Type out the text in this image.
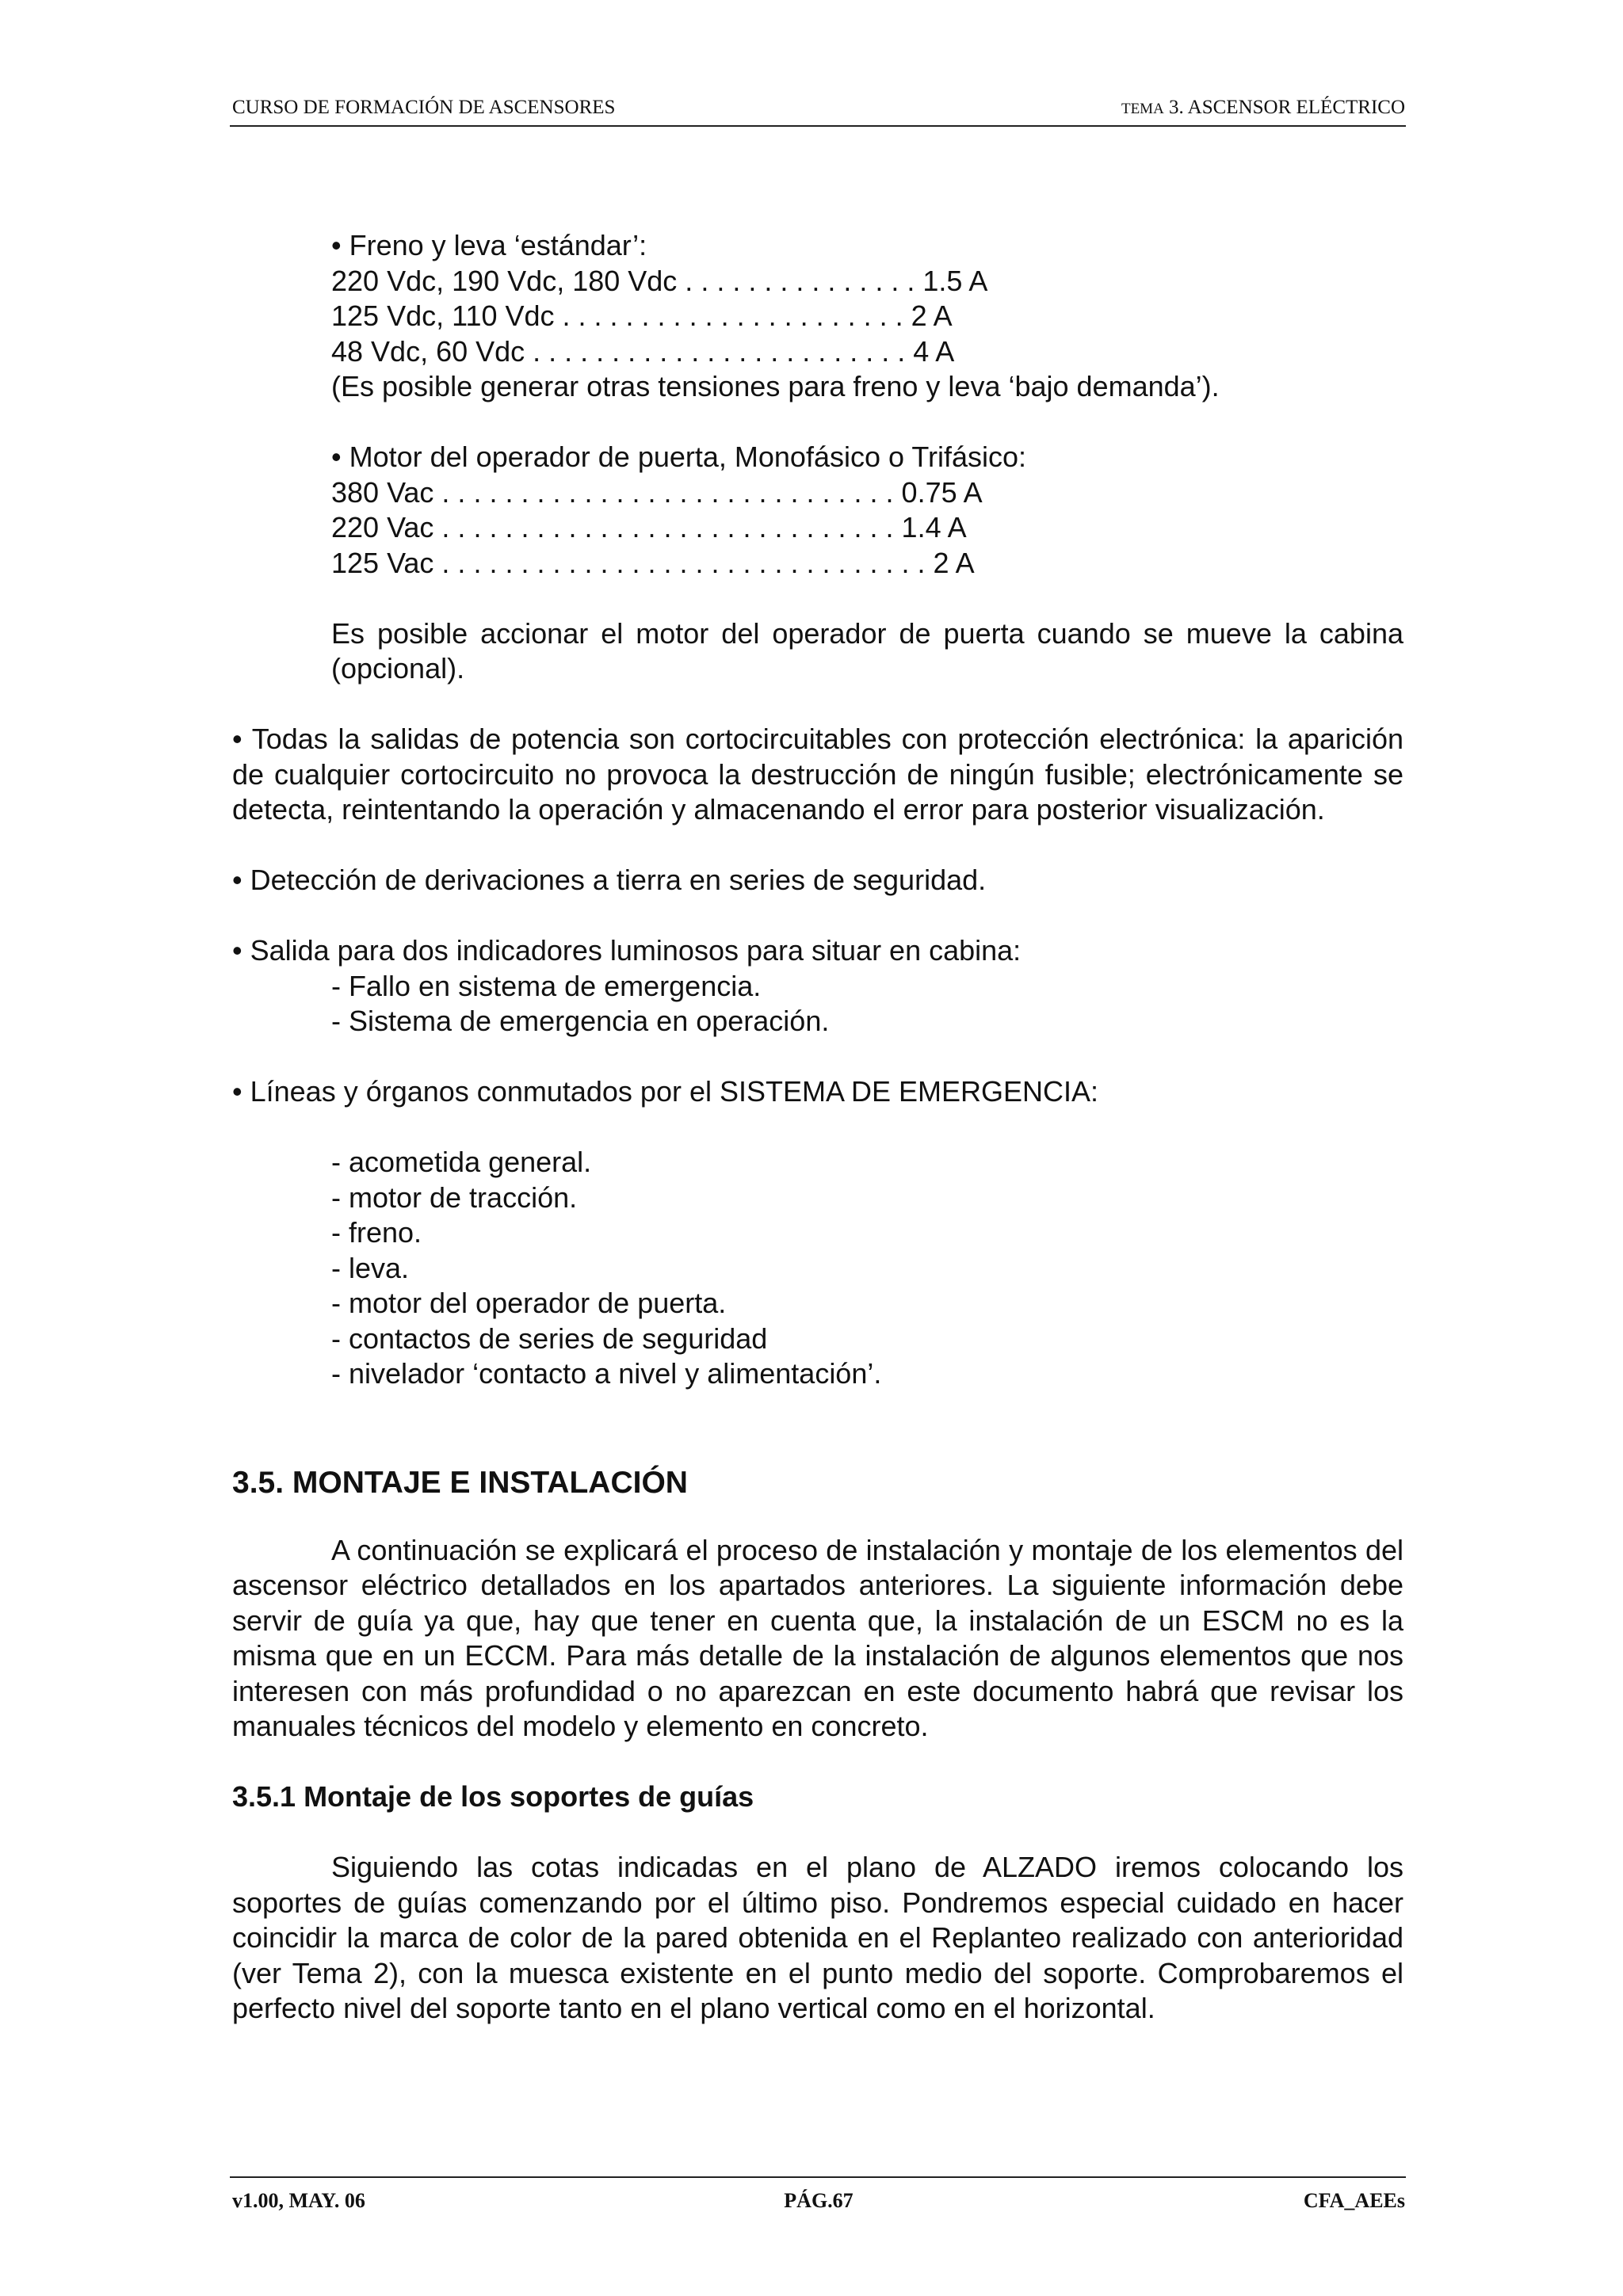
CURSO DE FORMACIÓN DE ASCENSORES	TEMA 3. ASCENSOR ELÉCTRICO

• Freno y leva ‘estándar’:

220 Vdc, 190 Vdc, 180 Vdc . . . . . . . . . . . . . . . 1.5 A

125 Vdc, 110 Vdc . . . . . . . . . . . . . . . . . . . . . . 2 A

48 Vdc, 60 Vdc . . . . . . . . . . . . . . . . . . . . . . . . 4 A

(Es posible generar otras tensiones para freno y leva ‘bajo demanda’).

• Motor del operador de puerta, Monofásico o Trifásico:

380 Vac . . . . . . . . . . . . . . . . . . . . . . . . . . . . . 0.75 A

220 Vac . . . . . . . . . . . . . . . . . . . . . . . . . . . . . 1.4 A

125 Vac . . . . . . . . . . . . . . . . . . . . . . . . . . . . . . . 2 A

Es posible accionar el motor del operador de puerta cuando se mueve la cabina (opcional).

• Todas la salidas de potencia son cortocircuitables con protección electrónica: la aparición de cualquier cortocircuito no provoca la destrucción de ningún fusible; electrónicamente se detecta, reintentando la operación y almacenando el error para posterior visualización.

• Detección de derivaciones a tierra en series de seguridad.

• Salida para dos indicadores luminosos para situar en cabina:

- Fallo en sistema de emergencia.

- Sistema de emergencia en operación.

• Líneas y órganos conmutados por el SISTEMA DE EMERGENCIA:

- acometida general.

- motor de tracción.

- freno.

- leva.

- motor del operador de puerta.

- contactos de series de seguridad

- nivelador ‘contacto a nivel y alimentación’.

3.5. MONTAJE E INSTALACIÓN

A continuación se explicará el proceso de instalación y montaje de los elementos del ascensor eléctrico detallados en los apartados anteriores. La siguiente información debe servir de guía ya que, hay que tener en cuenta que, la instalación de un ESCM no es la misma que en un ECCM. Para más detalle de la instalación de algunos elementos que nos interesen con más profundidad o no aparezcan en este documento habrá que revisar los manuales técnicos del modelo y elemento en concreto.

3.5.1 Montaje de los soportes de guías

Siguiendo las cotas indicadas en el plano de ALZADO iremos colocando los soportes de guías comenzando por el último piso. Pondremos especial cuidado en hacer coincidir la marca de color de la pared obtenida en el Replanteo realizado con anterioridad (ver Tema 2), con la muesca existente en el punto medio del soporte. Comprobaremos el perfecto nivel del soporte tanto en el plano vertical como en el horizontal.

v1.00, MAY. 06	PÁG.67	CFA_AEEs
